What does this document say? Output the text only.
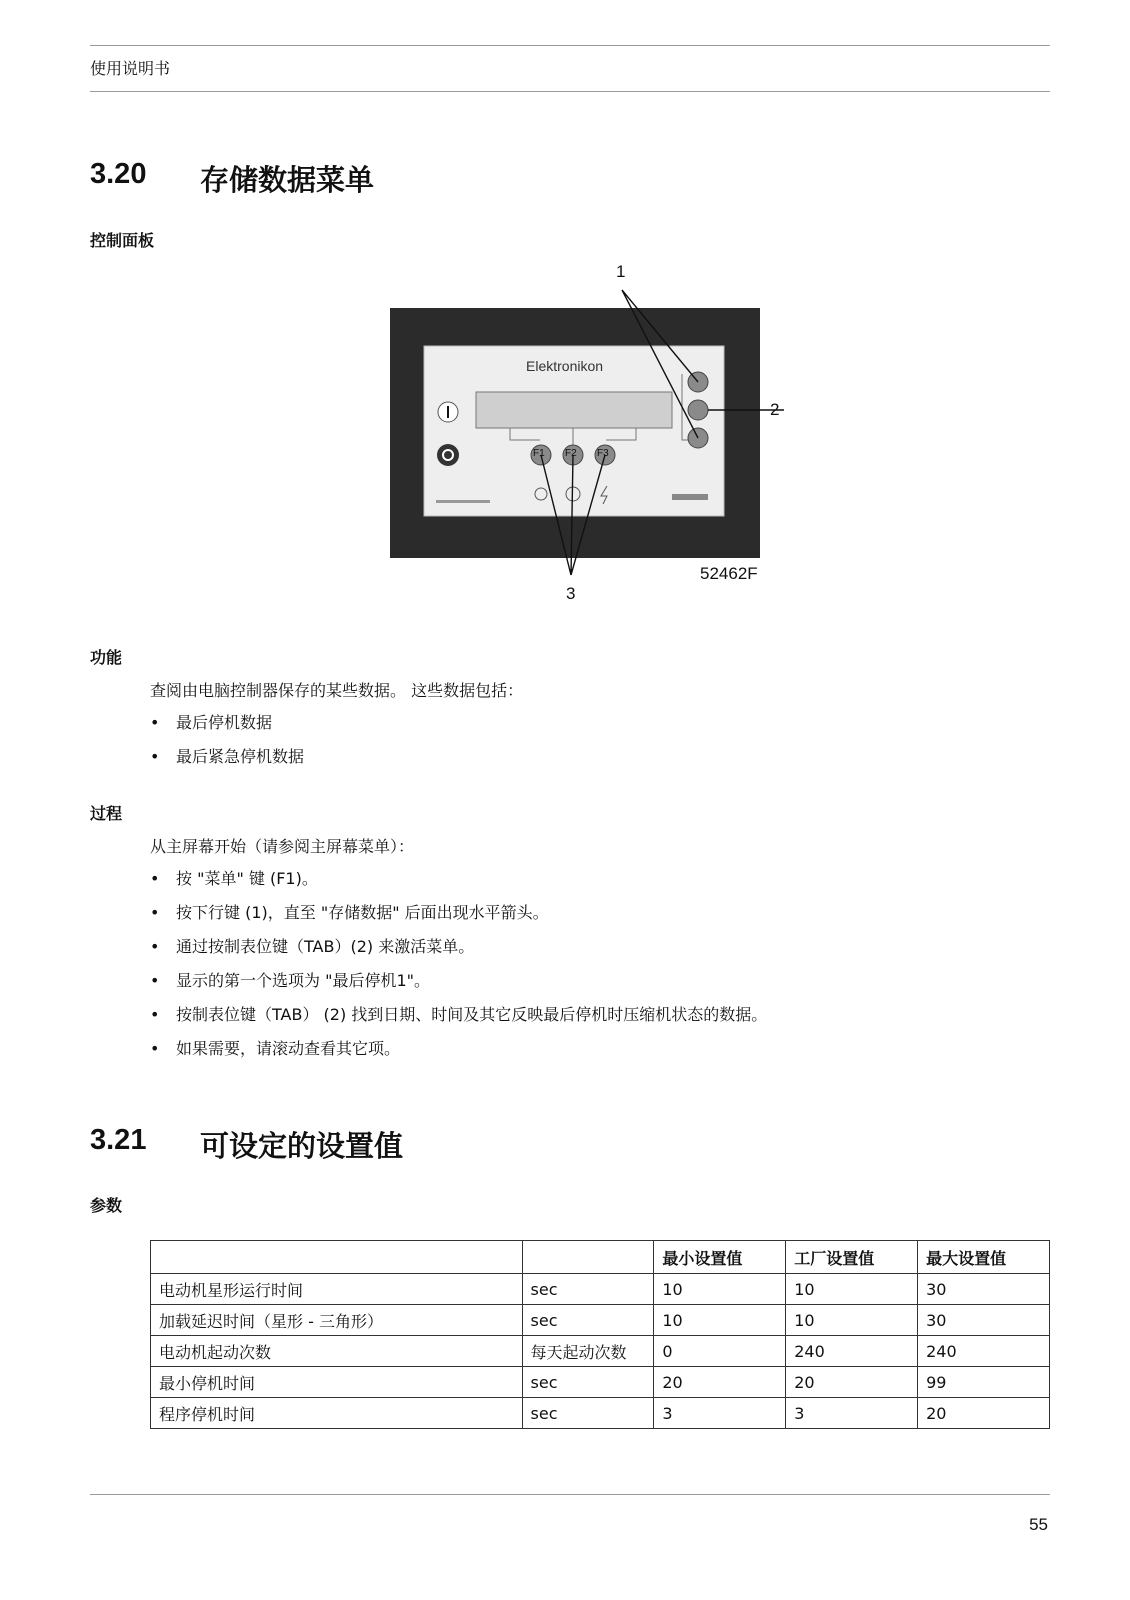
使用说明书
3.20	存储数据菜单
控制面板
Elektronikon
F1 F2 F3
1
2
3
52462F
功能
查阅由电脑控制器保存的某些数据。 这些数据包括：
• 最后停机数据
• 最后紧急停机数据
过程
从主屏幕开始（请参阅主屏幕菜单）：
• 按 "菜单" 键 (F1)。
• 按下行键 (1)，直至 "存储数据" 后面出现水平箭头。
• 通过按制表位键（TAB）(2) 来激活菜单。
• 显示的第一个选项为 "最后停机1"。
• 按制表位键（TAB） (2) 找到日期、时间及其它反映最后停机时压缩机状态的数据。
• 如果需要，请滚动查看其它项。
3.21	可设定的设置值
参数
		最小设置值	工厂设置值	最大设置值
电动机星形运行时间	sec	10	10	30
加载延迟时间（星形 - 三角形）	sec	10	10	30
电动机起动次数	每天起动次数	0	240	240
最小停机时间	sec	20	20	99
程序停机时间	sec	3	3	20
55
